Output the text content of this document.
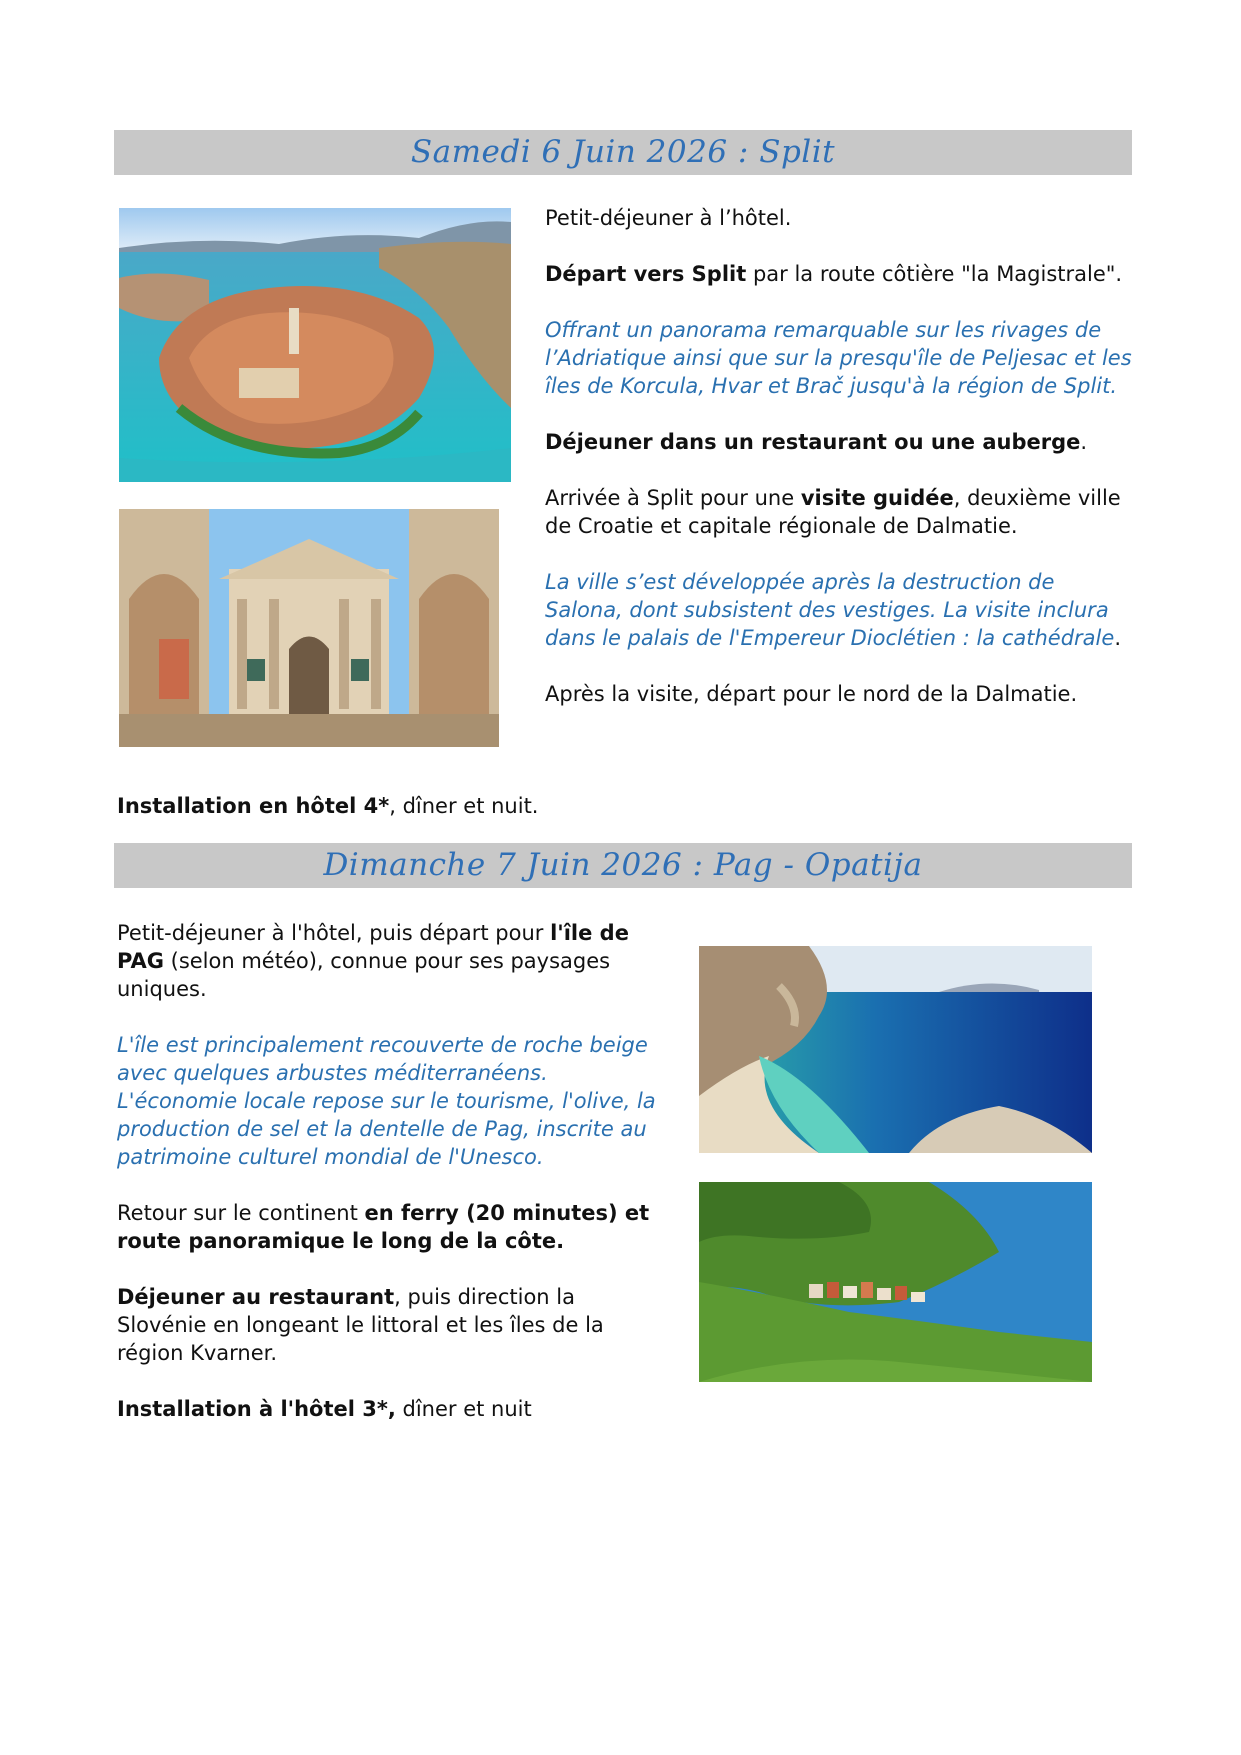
Samedi 6 Juin 2026 : Split

Petit-déjeuner à l’hôtel.

Départ vers Split par la route côtière "la Magistrale".

Offrant un panorama remarquable sur les rivages de l’Adriatique ainsi que sur la presqu'île de Peljesac et les îles de Korcula, Hvar et Brač jusqu'à la région de Split.

Déjeuner dans un restaurant ou une auberge.

Arrivée à Split pour une visite guidée, deuxième ville de Croatie et capitale régionale de Dalmatie.

La ville s’est développée après la destruction de Salona, dont subsistent des vestiges. La visite inclura dans le palais de l'Empereur Dioclétien : la cathédrale.

Après la visite, départ pour le nord de la Dalmatie.

Installation en hôtel 4*, dîner et nuit.
Dimanche 7 Juin 2026 : Pag - Opatija

Petit-déjeuner à l'hôtel, puis départ pour l'île de PAG (selon météo), connue pour ses paysages uniques.

L'île est principalement recouverte de roche beige avec quelques arbustes méditerranéens. L'économie locale repose sur le tourisme, l'olive, la production de sel et la dentelle de Pag, inscrite au patrimoine culturel mondial de l'Unesco.

Retour sur le continent en ferry (20 minutes) et route panoramique le long de la côte.

Déjeuner au restaurant, puis direction la Slovénie en longeant le littoral et les îles de la région Kvarner.

Installation à l'hôtel 3*, dîner et nuit
